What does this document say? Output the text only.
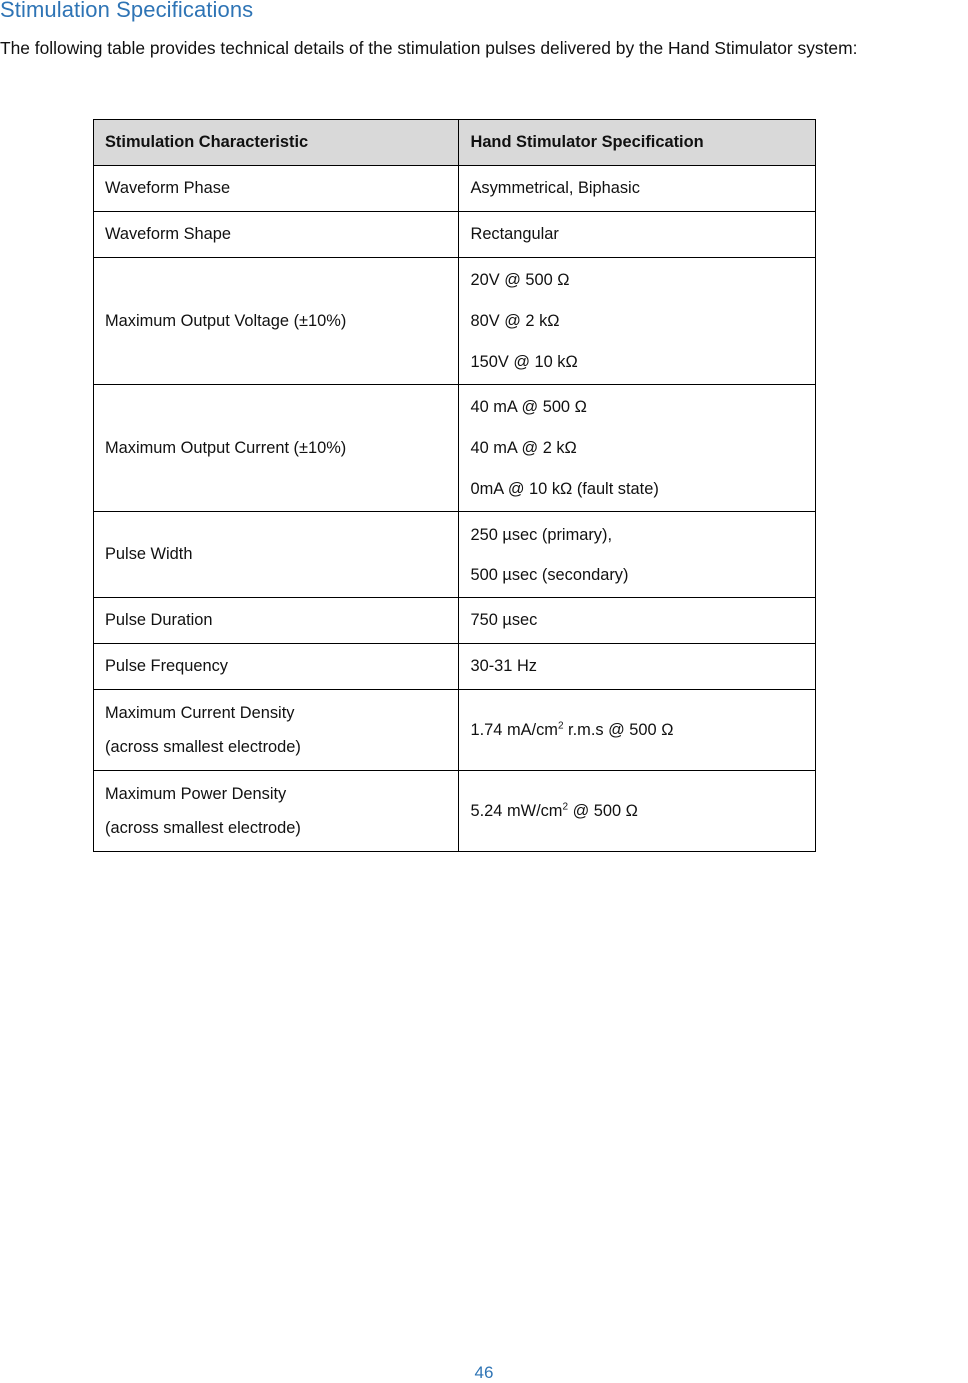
Stimulation Specifications

The following table provides technical details of the stimulation pulses delivered by the Hand Stimulator system:

Stimulation Characteristic	Hand Stimulator Specification
Waveform Phase	Asymmetrical, Biphasic
Waveform Shape	Rectangular
Maximum Output Voltage (±10%)	20V @ 500 Ω
80V @ 2 kΩ
150V @ 10 kΩ

Maximum Output Current (±10%)	40 mA @ 500 Ω
40 mA @ 2 kΩ
0mA @ 10 kΩ (fault state)

Pulse Width	250 µsec (primary),
500 µsec (secondary)

Pulse Duration	750 µsec
Pulse Frequency	30-31 Hz

Maximum Current Density
(across smallest electrode)	1.74 $mA/cm^2$ r.m.s @ 500 Ω

Maximum Power Density
(across smallest electrode)	5.24 $mW/cm^2$ @ 500 Ω
46
